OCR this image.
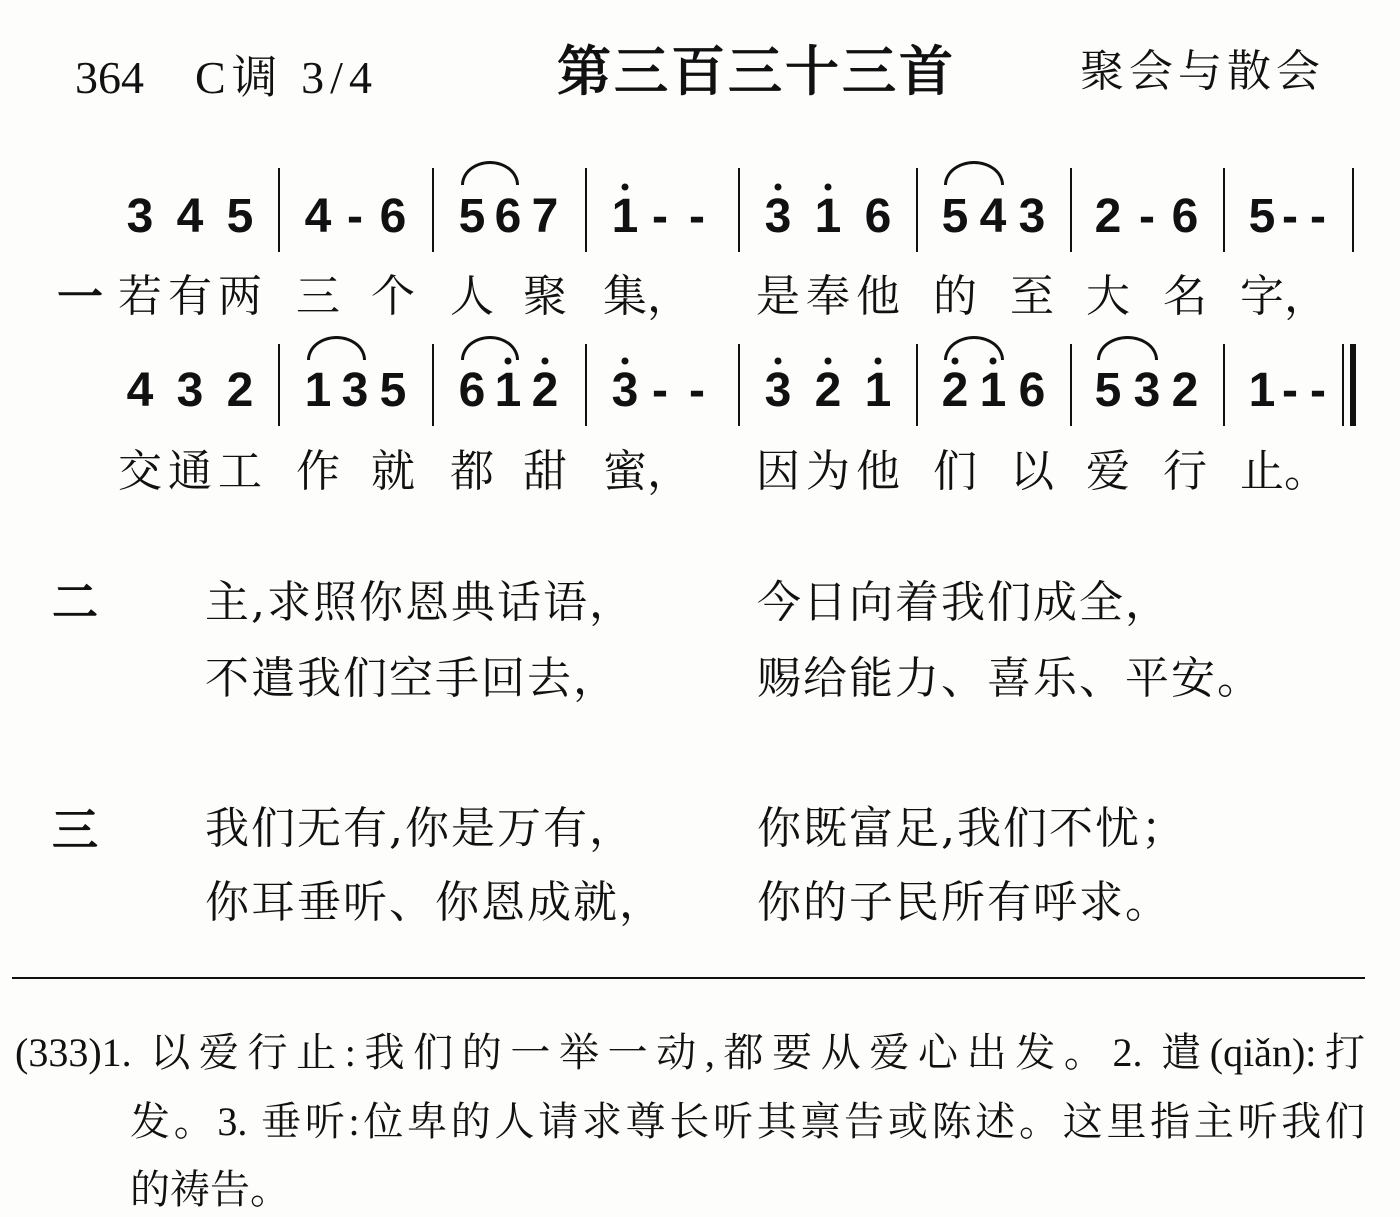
364 C调 3/4	第三百三十三首	聚会与散会
一
3
若
4
有
5
两
4
三
- 6
个
5
人
6 7
聚
1
集，
- - 3
是
1
奉
6
他
5
的
4 3
至
2
大
- 6
名
5
字，
- -
4
交
3
通
2
工
1
作
3 5
就
6
都
1 2
甜
3
蜜，
- - 3
因
2
为
1
他
2
们
1 6
以
5
爱
3 2
行
1
止。
- -
二 主,求照你恩典话语，	今日向着我们成全，
不遣我们空手回去，	赐给能力、喜乐、平安。
三 我们无有,你是万有，	你既富足,我们不忧；
你耳垂听、你恩成就，	你的子民所有呼求。
(333)1. 以爱行止:我们的一举一动,都要从爱心出发。2. 遣(qiǎn):打
发。3. 垂听:位卑的人请求尊长听其禀告或陈述。这里指主听我们
的祷告。
